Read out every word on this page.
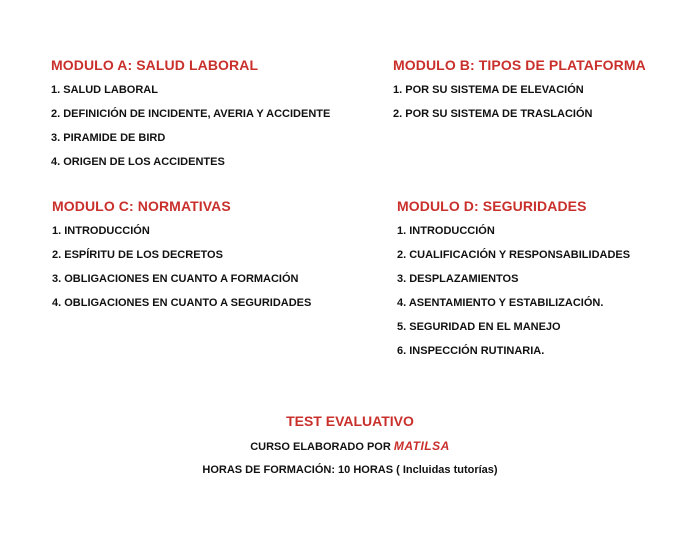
MODULO A: SALUD LABORAL
1. SALUD LABORAL
2. DEFINICIÓN DE INCIDENTE, AVERIA Y ACCIDENTE
3. PIRAMIDE DE BIRD
4. ORIGEN DE LOS ACCIDENTES
MODULO B: TIPOS DE PLATAFORMA
1. POR SU SISTEMA DE ELEVACIÓN
2. POR SU SISTEMA DE TRASLACIÓN
MODULO C: NORMATIVAS
1. INTRODUCCIÓN
2. ESPÍRITU DE LOS DECRETOS
3. OBLIGACIONES EN CUANTO A FORMACIÓN
4. OBLIGACIONES EN CUANTO A SEGURIDADES
MODULO D: SEGURIDADES
1. INTRODUCCIÓN
2. CUALIFICACIÓN Y RESPONSABILIDADES
3. DESPLAZAMIENTOS
4. ASENTAMIENTO Y ESTABILIZACIÓN.
5. SEGURIDAD EN EL MANEJO
6. INSPECCIÓN RUTINARIA.
TEST EVALUATIVO
CURSO ELABORADO POR MATILSA
HORAS DE FORMACIÓN: 10 HORAS ( Incluidas tutorías)
